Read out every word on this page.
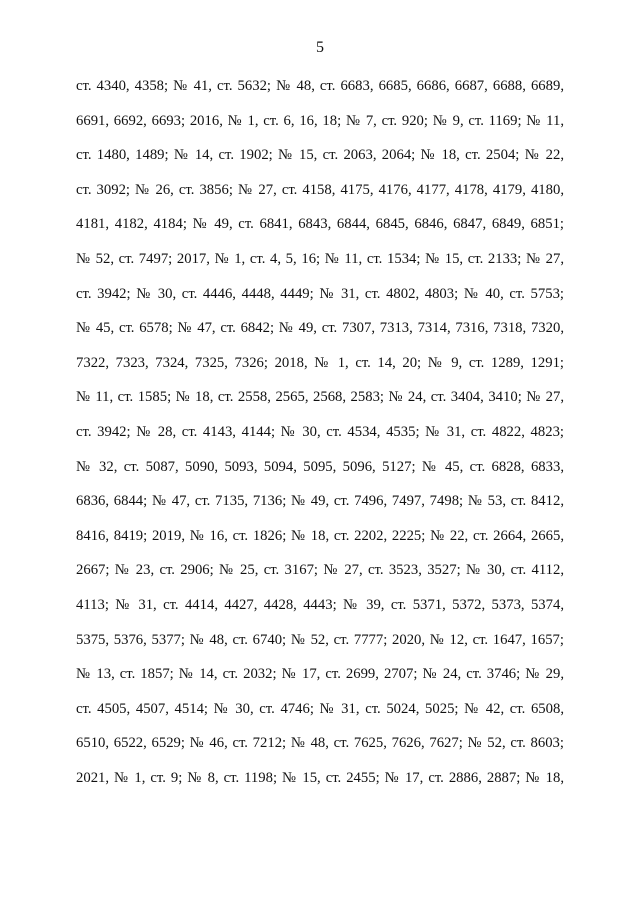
5
ст. 4340, 4358; № 41, ст. 5632; № 48, ст. 6683, 6685, 6686, 6687, 6688, 6689,
6691, 6692, 6693; 2016, № 1, ст. 6, 16, 18; № 7, ст. 920; № 9, ст. 1169; № 11,
ст. 1480, 1489; № 14, ст. 1902; № 15, ст. 2063, 2064; № 18, ст. 2504; № 22,
ст. 3092; № 26, ст. 3856; № 27, ст. 4158, 4175, 4176, 4177, 4178, 4179, 4180,
4181, 4182, 4184; № 49, ст. 6841, 6843, 6844, 6845, 6846, 6847, 6849, 6851;
№ 52, ст. 7497; 2017, № 1, ст. 4, 5, 16; № 11, ст. 1534; № 15, ст. 2133; № 27,
ст. 3942; № 30, ст. 4446, 4448, 4449; № 31, ст. 4802, 4803; № 40, ст. 5753;
№ 45, ст. 6578; № 47, ст. 6842; № 49, ст. 7307, 7313, 7314, 7316, 7318, 7320,
7322, 7323, 7324, 7325, 7326; 2018, № 1, ст. 14, 20; № 9, ст. 1289, 1291;
№ 11, ст. 1585; № 18, ст. 2558, 2565, 2568, 2583; № 24, ст. 3404, 3410; № 27,
ст. 3942; № 28, ст. 4143, 4144; № 30, ст. 4534, 4535; № 31, ст. 4822, 4823;
№ 32, ст. 5087, 5090, 5093, 5094, 5095, 5096, 5127; № 45, ст. 6828, 6833,
6836, 6844; № 47, ст. 7135, 7136; № 49, ст. 7496, 7497, 7498; № 53, ст. 8412,
8416, 8419; 2019, № 16, ст. 1826; № 18, ст. 2202, 2225; № 22, ст. 2664, 2665,
2667; № 23, ст. 2906; № 25, ст. 3167; № 27, ст. 3523, 3527; № 30, ст. 4112,
4113; № 31, ст. 4414, 4427, 4428, 4443; № 39, ст. 5371, 5372, 5373, 5374,
5375, 5376, 5377; № 48, ст. 6740; № 52, ст. 7777; 2020, № 12, ст. 1647, 1657;
№ 13, ст. 1857; № 14, ст. 2032; № 17, ст. 2699, 2707; № 24, ст. 3746; № 29,
ст. 4505, 4507, 4514; № 30, ст. 4746; № 31, ст. 5024, 5025; № 42, ст. 6508,
6510, 6522, 6529; № 46, ст. 7212; № 48, ст. 7625, 7626, 7627; № 52, ст. 8603;
2021, № 1, ст. 9; № 8, ст. 1198; № 15, ст. 2455; № 17, ст. 2886, 2887; № 18,
